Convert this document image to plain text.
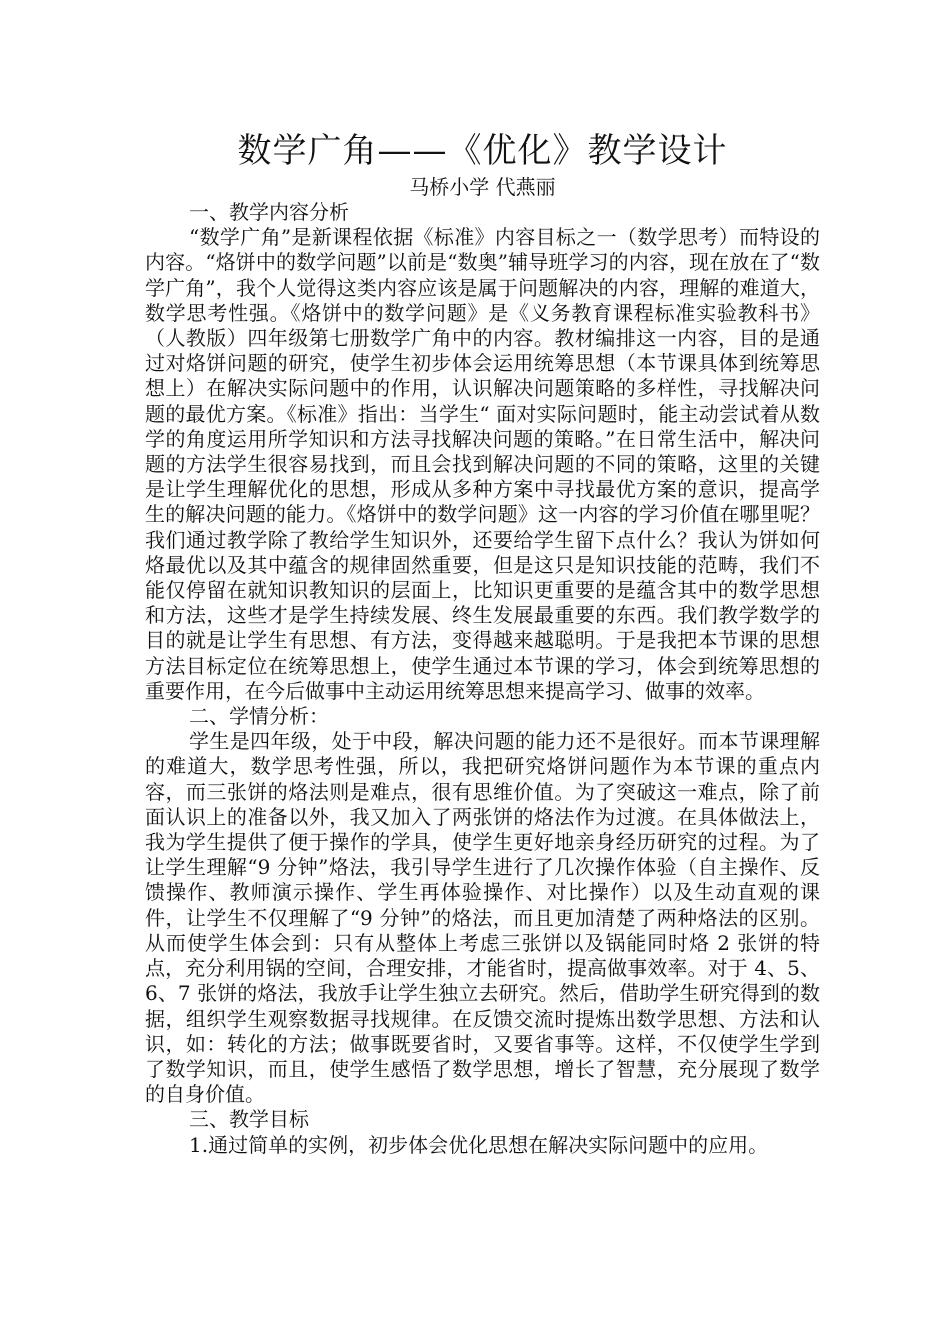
数学广角——《优化》教学设计

马桥小学 代燕丽

一、教学内容分析

“数学广角”是新课程依据《标准》内容目标之一（数学思考）而特设的内容。“烙饼中的数学问题”以前是“数奥”辅导班学习的内容，现在放在了“数学广角”，我个人觉得这类内容应该是属于问题解决的内容，理解的难道大，数学思考性强。《烙饼中的数学问题》是《义务教育课程标准实验教科书》（人教版）四年级第七册数学广角中的内容。教材编排这一内容，目的是通过对烙饼问题的研究，使学生初步体会运用统筹思想（本节课具体到统筹思想上）在解决实际问题中的作用，认识解决问题策略的多样性，寻找解决问题的最优方案。《标准》指出：当学生“ 面对实际问题时，能主动尝试着从数学的角度运用所学知识和方法寻找解决问题的策略。”在日常生活中，解决问题的方法学生很容易找到，而且会找到解决问题的不同的策略，这里的关键是让学生理解优化的思想，形成从多种方案中寻找最优方案的意识，提高学生的解决问题的能力。《烙饼中的数学问题》这一内容的学习价值在哪里呢？我们通过教学除了教给学生知识外，还要给学生留下点什么？我认为饼如何烙最优以及其中蕴含的规律固然重要，但是这只是知识技能的范畴，我们不能仅停留在就知识教知识的层面上，比知识更重要的是蕴含其中的数学思想和方法，这些才是学生持续发展、终生发展最重要的东西。我们教学数学的目的就是让学生有思想、有方法，变得越来越聪明。于是我把本节课的思想方法目标定位在统筹思想上，使学生通过本节课的学习，体会到统筹思想的重要作用，在今后做事中主动运用统筹思想来提高学习、做事的效率。

二、学情分析：

学生是四年级，处于中段，解决问题的能力还不是很好。而本节课理解的难道大，数学思考性强，所以，我把研究烙饼问题作为本节课的重点内容，而三张饼的烙法则是难点，很有思维价值。为了突破这一难点，除了前面认识上的准备以外，我又加入了两张饼的烙法作为过渡。在具体做法上，我为学生提供了便于操作的学具，使学生更好地亲身经历研究的过程。为了让学生理解“9 分钟”烙法，我引导学生进行了几次操作体验（自主操作、反馈操作、教师演示操作、学生再体验操作、对比操作）以及生动直观的课件，让学生不仅理解了“9 分钟”的烙法，而且更加清楚了两种烙法的区别。从而使学生体会到：只有从整体上考虑三张饼以及锅能同时烙 2 张饼的特点，充分利用锅的空间，合理安排，才能省时，提高做事效率。对于 4、5、6、7 张饼的烙法，我放手让学生独立去研究。然后，借助学生研究得到的数据，组织学生观察数据寻找规律。在反馈交流时提炼出数学思想、方法和认识，如：转化的方法；做事既要省时，又要省事等。这样，不仅使学生学到了数学知识，而且，使学生感悟了数学思想，增长了智慧，充分展现了数学的自身价值。

三、教学目标

1.通过简单的实例，初步体会优化思想在解决实际问题中的应用。
